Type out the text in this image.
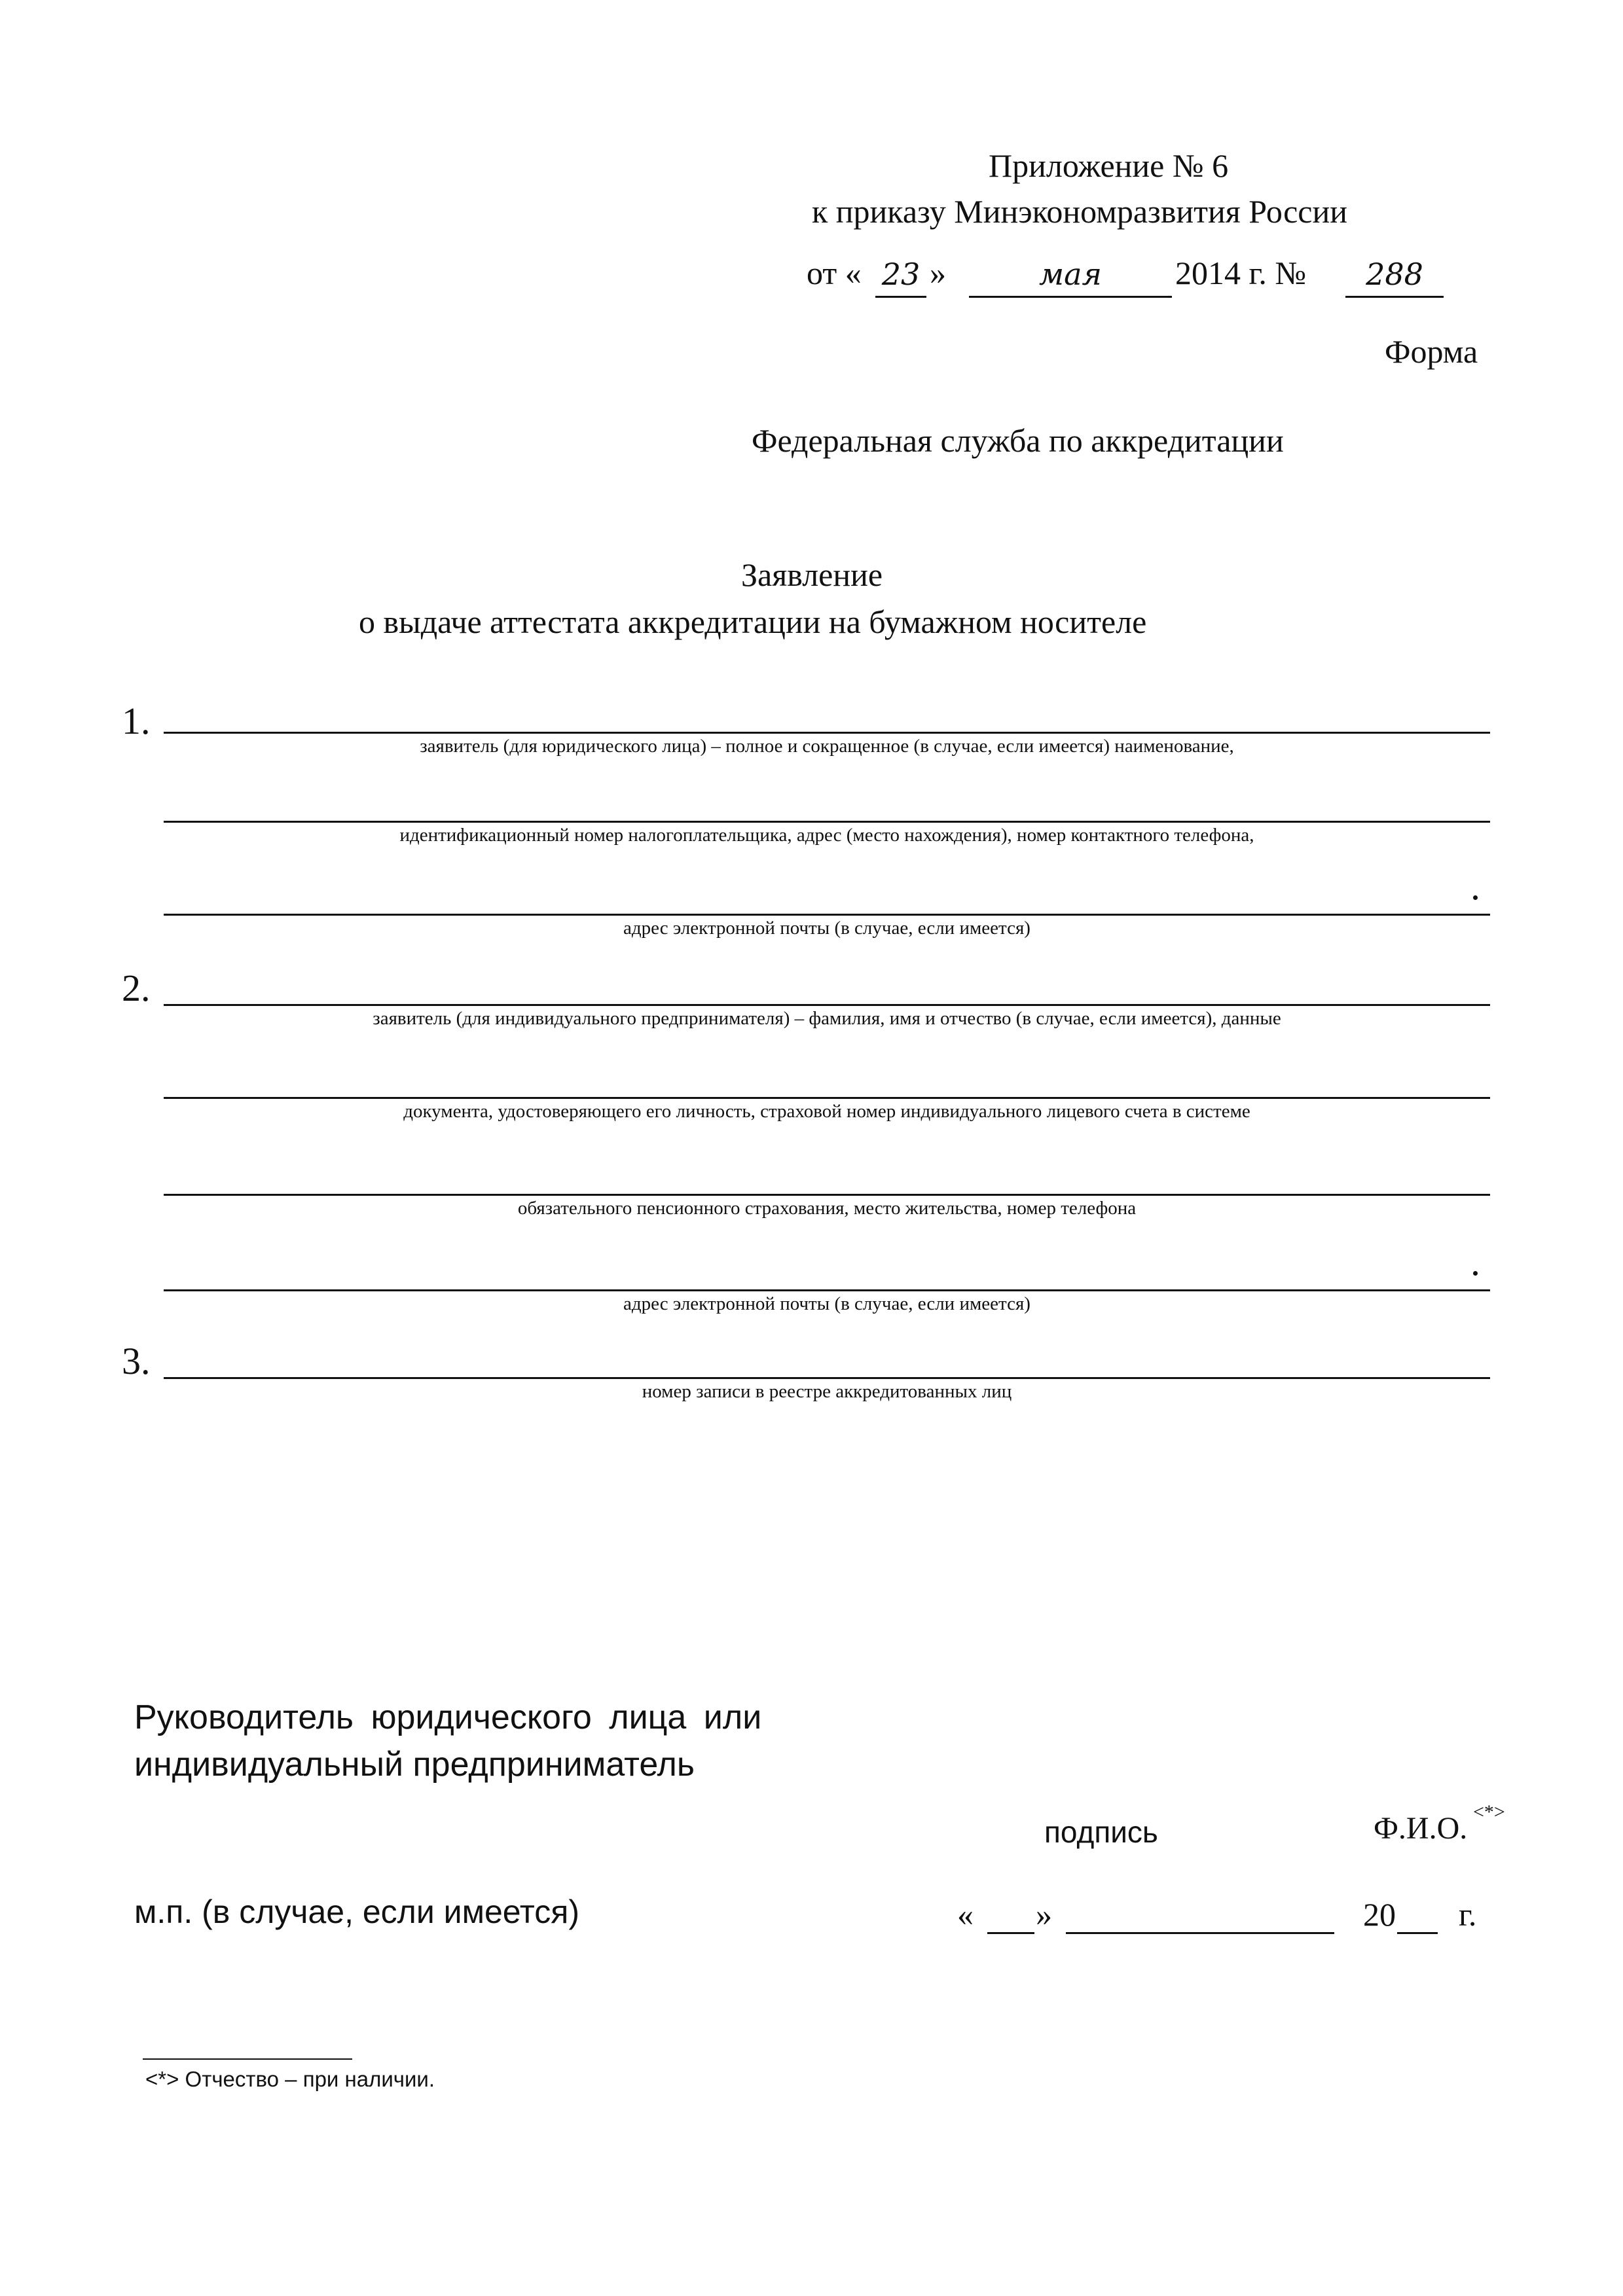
Приложение № 6
к приказу Минэкономразвития России
от « 23 »	мая	2014 г. №	288
Форма
Федеральная служба по аккредитации
Заявление
о выдаче аттестата аккредитации на бумажном носителе
1.
заявитель (для юридического лица) – полное и сокращенное (в случае, если имеется) наименование,
идентификационный номер налогоплательщика, адрес (место нахождения), номер контактного телефона,
адрес электронной почты (в случае, если имеется)
2.
заявитель (для индивидуального предпринимателя) – фамилия, имя и отчество (в случае, если имеется), данные
документа, удостоверяющего его личность, страховой номер индивидуального лицевого счета в системе
обязательного пенсионного страхования, место жительства, номер телефона
адрес электронной почты (в случае, если имеется)
3.
номер записи в реестре аккредитованных лиц
Руководитель юридического лица или
индивидуальный предприниматель
подпись	Ф.И.О. <*>
м.п. (в случае, если имеется)	« »	20 г.
<*> Отчество – при наличии.
